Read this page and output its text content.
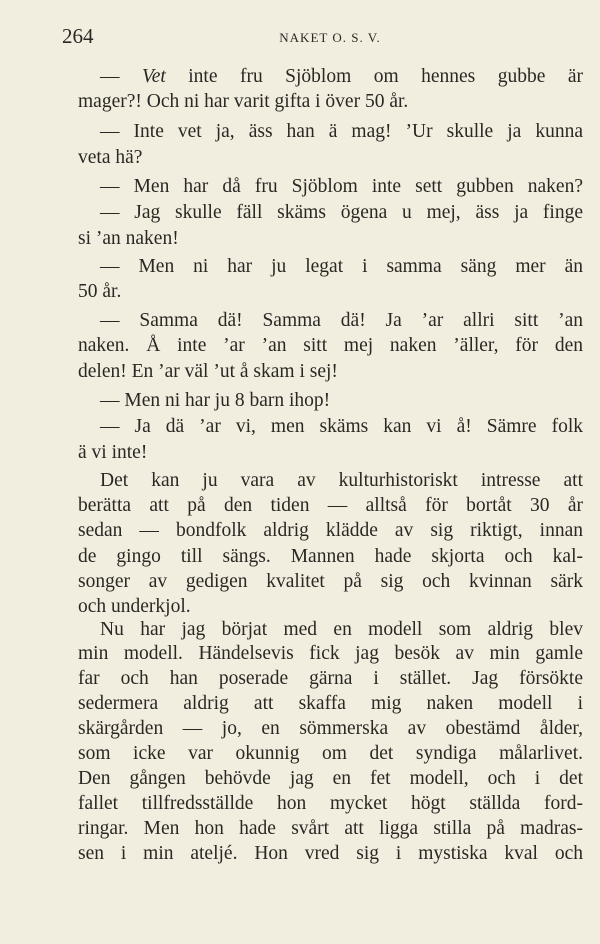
264	NAKET O. S. V.
— Vet inte fru Sjöblom om hennes gubbe är
mager?! Och ni har varit gifta i över 50 år.
— Inte vet ja, äss han ä mag! ’Ur skulle ja kunna
veta hä?
— Men har då fru Sjöblom inte sett gubben naken?
— Jag skulle fäll skäms ögena u mej, äss ja finge
si ’an naken!
— Men ni har ju legat i samma säng mer än
50 år.
— Samma dä! Samma dä! Ja ’ar allri sitt ’an
naken. Å inte ’ar ’an sitt mej naken ’äller, för den
delen! En ’ar väl ’ut å skam i sej!
— Men ni har ju 8 barn ihop!
— Ja dä ’ar vi, men skäms kan vi å! Sämre folk
ä vi inte!
Det kan ju vara av kulturhistoriskt intresse att
berätta att på den tiden — alltså för bortåt 30 år
sedan — bondfolk aldrig klädde av sig riktigt, innan
de gingo till sängs. Mannen hade skjorta och kal-
songer av gedigen kvalitet på sig och kvinnan särk
och underkjol.
Nu har jag börjat med en modell som aldrig blev
min modell. Händelsevis fick jag besök av min gamle
far och han poserade gärna i stället. Jag försökte
sedermera aldrig att skaffa mig naken modell i
skärgården — jo, en sömmerska av obestämd ålder,
som icke var okunnig om det syndiga målarlivet.
Den gången behövde jag en fet modell, och i det
fallet tillfredsställde hon mycket högt ställda ford-
ringar. Men hon hade svårt att ligga stilla på madras-
sen i min ateljé. Hon vred sig i mystiska kval och
